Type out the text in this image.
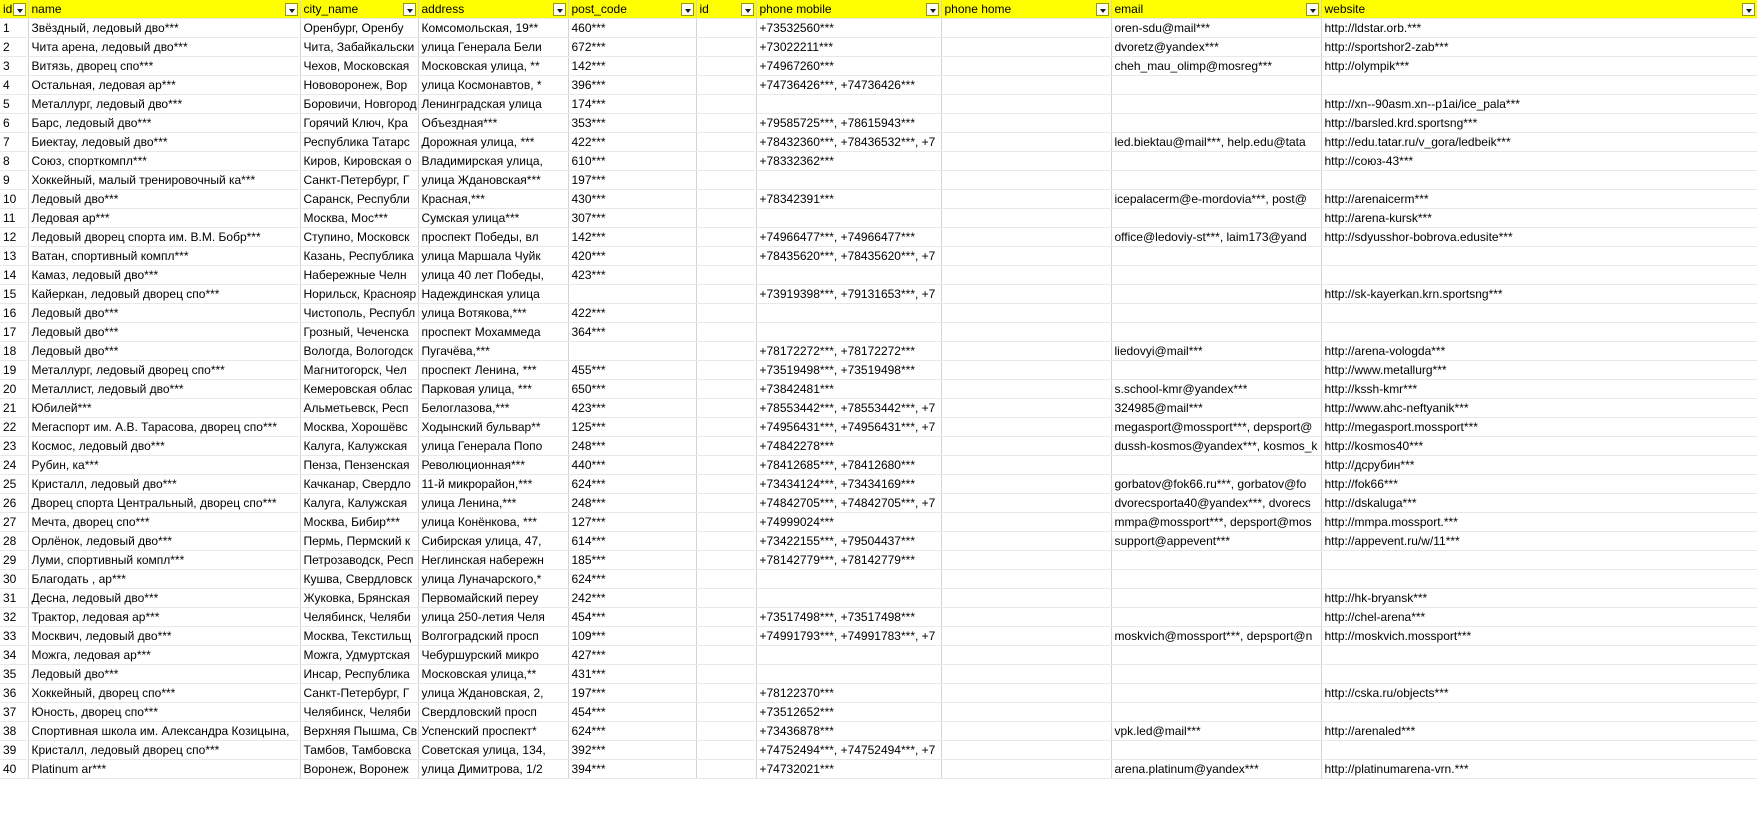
id	name	city_name	address	post_code	id	phone mobile	phone home	email	website

1	Звёздный, ледовый дво***	Оренбург, Оренбу	Комсомольская, 19**	460***		+73532560***		oren-sdu@mail***	http://ldstar.orb.***
2	Чита арена, ледовый дво***	Чита, Забайкальски	улица Генерала Бели	672***		+73022211***		dvoretz@yandex***	http://sportshor2-zab***
3	Витязь, дворец спо***	Чехов, Московская	Московская улица, **	142***		+74967260***		cheh_mau_olimp@mosreg***	http://olympik***
4	Остальная, ледовая ар***	Нововоронеж, Вор	улица Космонавтов, *	396***		+74736426***, +74736426***			
5	Металлург, ледовый дво***	Боровичи, Новгород	Ленинградская улица	174***					http://xn--90asm.xn--p1ai/ice_pala***
6	Барс, ледовый дво***	Горячий Ключ, Кра	Объездная***	353***		+79585725***, +78615943***			http://barsled.krd.sportsng***
7	Биектау, ледовый дво***	Республика Татарс	Дорожная улица, ***	422***		+78432360***, +78436532***, +7		led.biektau@mail***, help.edu@tata	http://edu.tatar.ru/v_gora/ledbeik***
8	Союз, спорткомпл***	Киров, Кировская о	Владимирская улица,	610***		+78332362***			http://союз-43***
9	Хоккейный, малый тренировочный ка***	Санкт-Петербург, Г	улица Ждановская***	197***					
10	Ледовый дво***	Саранск, Республи	Красная,***	430***		+78342391***		icepalacerm@e-mordovia***, post@	http://arenaicerm***
11	Ледовая ар***	Москва, Мос***	Сумская улица***	307***					http://arena-kursk***
12	Ледовый дворец спорта им. В.М. Бобр***	Ступино, Московск	проспект Победы, вл	142***		+74966477***, +74966477***		office@ledoviy-st***, laim173@yand	http://sdyusshor-bobrova.edusite***
13	Ватан, спортивный компл***	Казань, Республика	улица Маршала Чуйк	420***		+78435620***, +78435620***, +7			
14	Камаз, ледовый дво***	Набережные Челн	улица 40 лет Победы,	423***					
15	Кайеркан, ледовый дворец спо***	Норильск, Краснояр	Надеждинская улица			+73919398***, +79131653***, +7			http://sk-kayerkan.krn.sportsng***
16	Ледовый дво***	Чистополь, Республ	улица Вотякова,***	422***					
17	Ледовый дво***	Грозный, Чеченска	проспект Мохаммеда	364***					
18	Ледовый дво***	Вологда, Вологодск	Пугачёва,***			+78172272***, +78172272***		liedovyi@mail***	http://arena-vologda***
19	Металлург, ледовый дворец спо***	Магнитогорск, Чел	проспект Ленина, ***	455***		+73519498***, +73519498***			http://www.metallurg***
20	Металлист, ледовый дво***	Кемеровская облас	Парковая улица, ***	650***		+73842481***		s.school-kmr@yandex***	http://kssh-kmr***
21	Юбилей***	Альметьевск, Респ	Белоглазова,***	423***		+78553442***, +78553442***, +7		324985@mail***	http://www.ahc-neftyanik***
22	Мегаспорт им. А.В. Тарасова, дворец спо***	Москва, Хорошёвс	Ходынский бульвар**	125***		+74956431***, +74956431***, +7		megasport@mossport***, depsport@	http://megasport.mossport***
23	Космос, ледовый дво***	Калуга, Калужская	улица Генерала Попо	248***		+74842278***		dussh-kosmos@yandex***, kosmos_k	http://kosmos40***
24	Рубин, ка***	Пенза, Пензенская	Революционная***	440***		+78412685***, +78412680***			http://дсрубин***
25	Кристалл, ледовый дво***	Качканар, Свердло	11-й микрорайон,***	624***		+73434124***, +73434169***		gorbatov@fok66.ru***, gorbatov@fo	http://fok66***
26	Дворец спорта Центральный, дворец спо***	Калуга, Калужская	улица Ленина,***	248***		+74842705***, +74842705***, +7		dvorecsporta40@yandex***, dvorecs	http://dskaluga***
27	Мечта, дворец спо***	Москва, Бибир***	улица Конёнкова, ***	127***		+74999024***		mmpa@mossport***, depsport@mos	http://mmpa.mossport.***
28	Орлёнок, ледовый дво***	Пермь, Пермский к	Сибирская улица, 47,	614***		+73422155***, +79504437***		support@appevent***	http://appevent.ru/w/11***
29	Луми, спортивный компл***	Петрозаводск, Респ	Неглинская набережн	185***		+78142779***, +78142779***			
30	Благодать , ар***	Кушва, Свердловск	улица Луначарского,*	624***					
31	Десна, ледовый дво***	Жуковка, Брянская	Первомайский переу	242***					http://hk-bryansk***
32	Трактор, ледовая ар***	Челябинск, Челяби	улица 250-летия Челя	454***		+73517498***, +73517498***			http://chel-arena***
33	Москвич, ледовый дво***	Москва, Текстильщ	Волгоградский просп	109***		+74991793***, +74991783***, +7		moskvich@mossport***, depsport@n	http://moskvich.mossport***
34	Можга, ледовая ар***	Можга, Удмуртская	Чебуршурский микро	427***					
35	Ледовый дво***	Инсар, Республика	Московская улица,**	431***					
36	Хоккейный, дворец спо***	Санкт-Петербург, Г	улица Ждановская, 2,	197***		+78122370***			http://cska.ru/objects***
37	Юность, дворец спо***	Челябинск, Челяби	Свердловский просп	454***		+73512652***			
38	Спортивная школа им. Александра Козицына,	Верхняя Пышма, Св	Успенский проспект*	624***		+73436878***		vpk.led@mail***	http://arenaled***
39	Кристалл, ледовый дворец спо***	Тамбов, Тамбовска	Советская улица, 134,	392***		+74752494***, +74752494***, +7			
40	Platinum ar***	Воронеж, Воронеж	улица Димитрова, 1/2	394***		+74732021***		arena.platinum@yandex***	http://platinumarena-vrn.***
